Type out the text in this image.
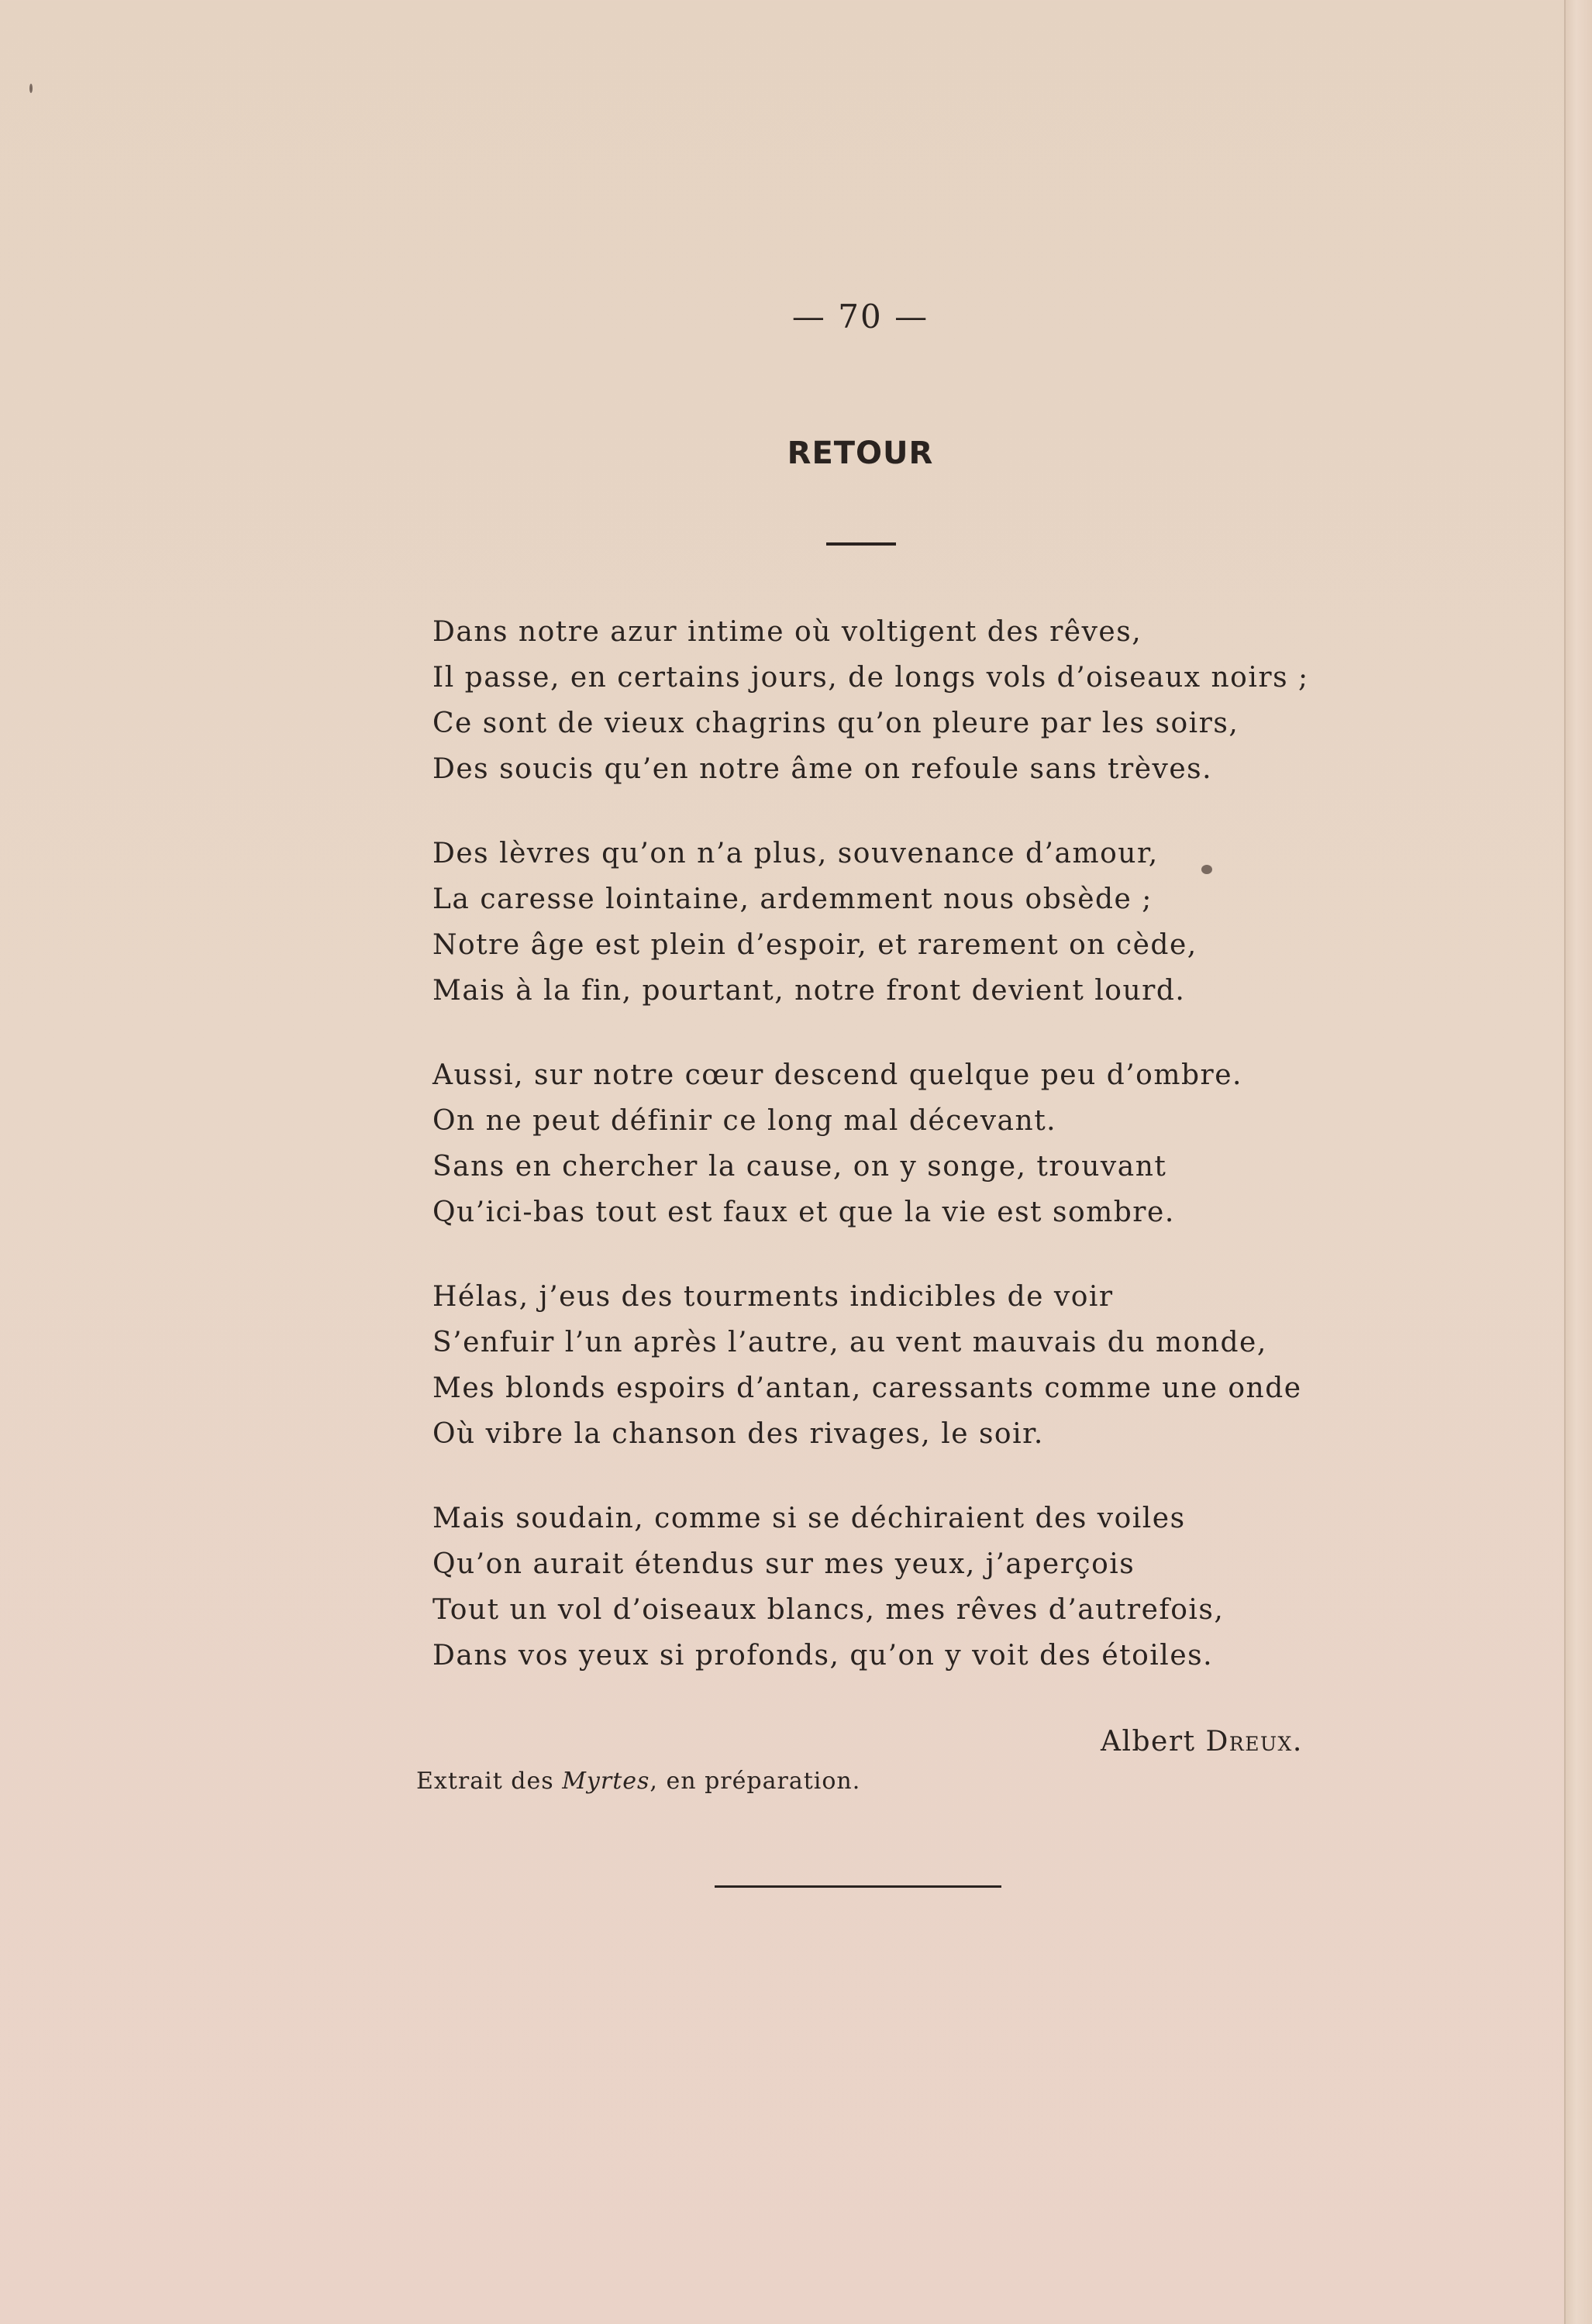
— 70 —
RETOUR
Dans notre azur intime où voltigent des rêves,
Il passe, en certains jours, de longs vols d’oiseaux noirs ;
Ce sont de vieux chagrins qu’on pleure par les soirs,
Des soucis qu’en notre âme on refoule sans trèves.
Des lèvres qu’on n’a plus, souvenance d’amour,
La caresse lointaine, ardemment nous obsède ;
Notre âge est plein d’espoir, et rarement on cède,
Mais à la fin, pourtant, notre front devient lourd.
Aussi, sur notre cœur descend quelque peu d’ombre.
On ne peut définir ce long mal décevant.
Sans en chercher la cause, on y songe, trouvant
Qu’ici-bas tout est faux et que la vie est sombre.
Hélas, j’eus des tourments indicibles de voir
S’enfuir l’un après l’autre, au vent mauvais du monde,
Mes blonds espoirs d’antan, caressants comme une onde
Où vibre la chanson des rivages, le soir.
Mais soudain, comme si se déchiraient des voiles
Qu’on aurait étendus sur mes yeux, j’aperçois
Tout un vol d’oiseaux blancs, mes rêves d’autrefois,
Dans vos yeux si profonds, qu’on y voit des étoiles.
Albert Dreux.
Extrait des Myrtes, en préparation.
